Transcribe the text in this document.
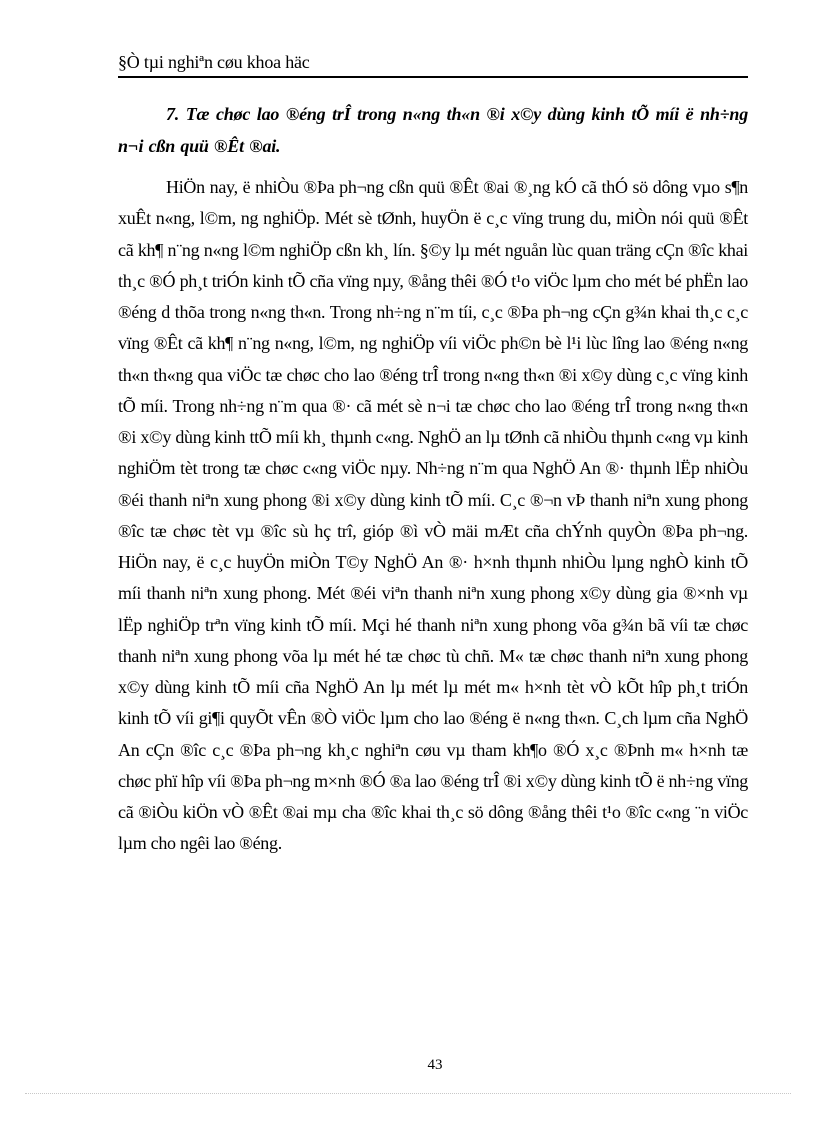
§Ò tµi nghiªn cøu khoa häc
7. Tæ chøc lao ®éng trÎ trong n«ng th«n ®i x©y dùng kinh tÕ míi ë nh÷ng n¬i cßn quü ®Êt ®ai.
HiÖn nay, ë nhiÒu ®Þa ph¬ng cßn quü ®Êt ®ai ®¸ng kÓ cã thÓ sö dông vµo s¶n xuÊt n«ng, l©m, ng nghiÖp. Mét sè tØnh, huyÖn ë c¸c vïng trung du, miÒn nói quü ®Êt cã kh¶ n¨ng n«ng l©m nghiÖp cßn kh¸ lín. §©y lµ mét nguån lùc quan träng cÇn ®îc khai th¸c ®Ó ph¸t triÓn kinh tÕ cña vïng nµy, ®ång thêi ®Ó t¹o viÖc lµm cho mét bé phËn lao ®éng d thõa trong n«ng th«n. Trong nh÷ng n¨m tíi, c¸c ®Þa ph¬ng cÇn g¾n khai th¸c c¸c vïng ®Êt cã kh¶ n¨ng n«ng, l©m, ng nghiÖp víi viÖc ph©n bè l¹i lùc lîng lao ®éng n«ng th«n th«ng qua viÖc tæ chøc cho lao ®éng trÎ trong n«ng th«n ®i x©y dùng c¸c vïng kinh tÕ míi. Trong nh÷ng n¨m qua ®· cã mét sè n¬i tæ chøc cho lao ®éng trÎ trong n«ng th«n ®i x©y dùng kinh ttÕ míi kh¸ thµnh c«ng. NghÖ an lµ tØnh cã nhiÒu thµnh c«ng vµ kinh nghiÖm tèt trong tæ chøc c«ng viÖc nµy. Nh÷ng n¨m qua NghÖ An ®· thµnh lËp nhiÒu ®éi thanh niªn xung phong ®i x©y dùng kinh tÕ míi. C¸c ®¬n vÞ thanh niªn xung phong ®îc tæ chøc tèt vµ ®îc sù hç trî, gióp ®ì vÒ mäi mÆt cña chÝnh quyÒn ®Þa ph¬ng. HiÖn nay, ë c¸c huyÖn miÒn T©y NghÖ An ®· h×nh thµnh nhiÒu lµng nghÒ kinh tÕ míi thanh niªn xung phong. Mét ®éi viªn thanh niªn xung phong x©y dùng gia ®×nh vµ lËp nghiÖp trªn vïng kinh tÕ míi. Mçi hé thanh niªn xung phong võa g¾n bã víi tæ chøc thanh niªn xung phong võa lµ mét hé tæ chøc tù chñ. M« tæ chøc thanh niªn xung phong x©y dùng kinh tÕ míi cña NghÖ An lµ mét lµ mét m« h×nh tèt vÒ kÕt hîp ph¸t triÓn kinh tÕ víi gi¶i quyÕt vÊn ®Ò viÖc lµm cho lao ®éng ë n«ng th«n. C¸ch lµm cña NghÖ An cÇn ®îc c¸c ®Þa ph¬ng kh¸c nghiªn cøu vµ tham kh¶o ®Ó x¸c ®Þnh m« h×nh tæ chøc phï hîp víi ®Þa ph¬ng m×nh ®Ó ®a lao ®éng trÎ ®i x©y dùng kinh tÕ ë nh÷ng vïng cã ®iÒu kiÖn vÒ ®Êt ®ai mµ cha ®îc khai th¸c sö dông ®ång thêi t¹o ®îc c«ng ¨n viÖc lµm cho ngêi lao ®éng.
43
